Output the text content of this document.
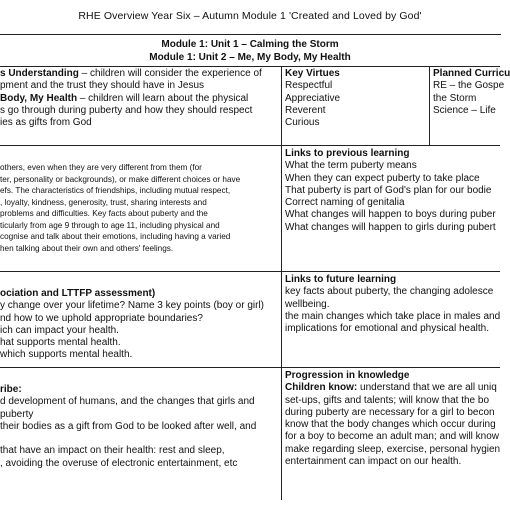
RHE Overview Year Six – Autumn Module 1 'Created and Loved by God'
Module 1: Unit 1 – Calming the Storm
Module 1: Unit 2 – Me, My Body, My Health
s Understanding – children will consider the experience of
pment and the trust they should have in Jesus
Body, My Health – children will learn about the physical
s go through during puberty and how they should respect
ies as gifts from God
Key Virtues
Respectful
Appreciative
Reverent
Curious
Planned Curricu
RE – the Gospe
the Storm
Science – Life
others, even when they are very different from them (for
ter, personality or backgrounds), or make different choices or have
efs. The characteristics of friendships, including mutual respect,
, loyalty, kindness, generosity, trust, sharing interests and
problems and difficulties. Key facts about puberty and the
ticularly from age 9 through to age 11, including physical and
cognise and talk about their emotions, including having a varied
hen talking about their own and others' feelings.
Links to previous learning
What the term puberty means
When they can expect puberty to take place
That puberty is part of God's plan for our bodie
Correct naming of genitalia
What changes will happen to boys during puber
What changes will happen to girls during pubert
ociation and LTTFP assessment)
y change over your lifetime? Name 3 key points (boy or girl)
nd how to we uphold appropriate boundaries?
ich can impact your health.
hat supports mental health.
which supports mental health.
Links to future learning
key facts about puberty, the changing adolesce
wellbeing.
the main changes which take place in males and
implications for emotional and physical health.
ribe:
d development of humans, and the changes that girls and
puberty
their bodies as a gift from God to be looked after well, and
that have an impact on their health: rest and sleep,
, avoiding the overuse of electronic entertainment, etc
Progression in knowledge
Children know: understand that we are all uniq
set-ups, gifts and talents; will know that the bo
during puberty are necessary for a girl to becon
know that the body changes which occur during
for a boy to become an adult man; and will know
make regarding sleep, exercise, personal hygien
entertainment can impact on our health.
